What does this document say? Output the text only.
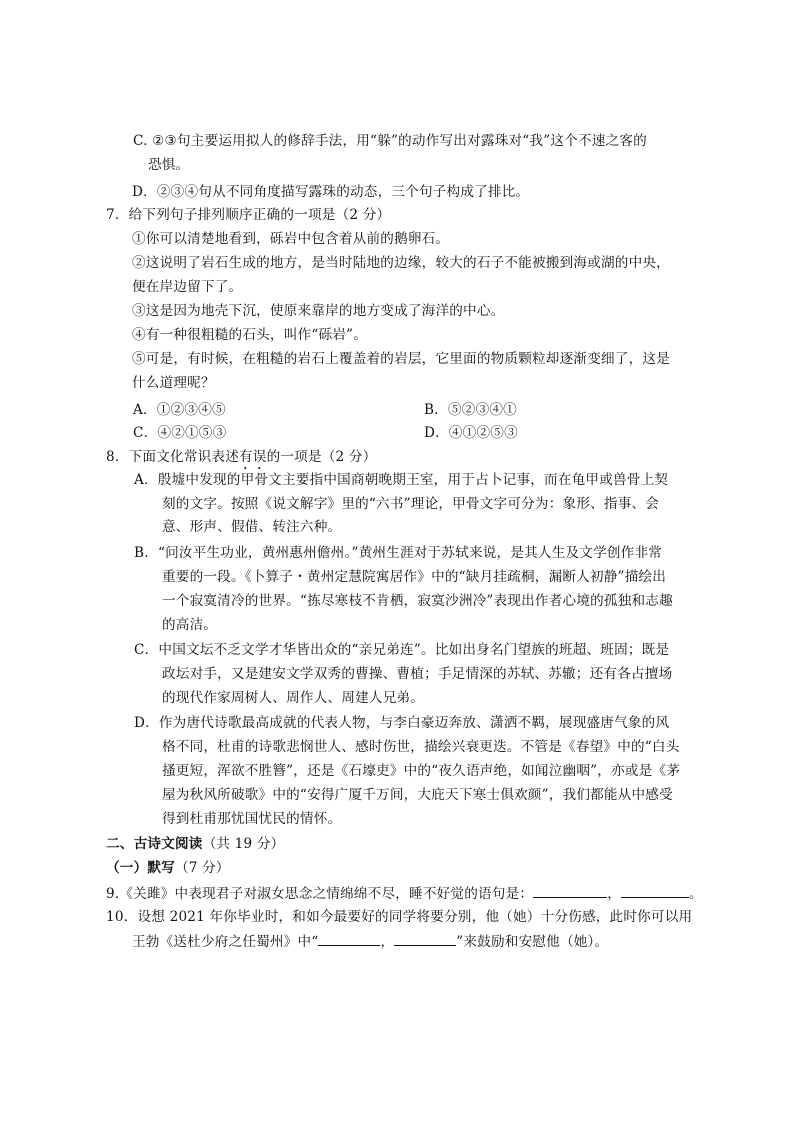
C. ②③句主要运用拟人的修辞手法，用“躲”的动作写出对露珠对“我”这个不速之客的
恐惧。
D．②③④句从不同角度描写露珠的动态，三个句子构成了排比。
7．给下列句子排列顺序正确的一项是（2 分）
①你可以清楚地看到，砾岩中包含着从前的鹅卵石。
②这说明了岩石生成的地方，是当时陆地的边缘，较大的石子不能被搬到海或湖的中央，
便在岸边留下了。
③这是因为地壳下沉，使原来靠岸的地方变成了海洋的中心。
④有一种很粗糙的石头，叫作“砾岩”。
⑤可是，有时候，在粗糙的岩石上覆盖着的岩层，它里面的物质颗粒却逐渐变细了，这是
什么道理呢？
A．①②③④⑤	B．⑤②③④①
C．④②①⑤③	D．④①②⑤③
8．下面文化常识表述有误的一项是（2 分）
A．殷墟中发现的甲骨文主要指中国商朝晚期王室，用于占卜记事，而在龟甲或兽骨上契
刻的文字。按照《说文解字》里的“六书”理论，甲骨文字可分为：象形、指事、会
意、形声、假借、转注六种。
B．“问汝平生功业，黄州惠州儋州。”黄州生涯对于苏轼来说，是其人生及文学创作非常
重要的一段。《卜算子・黄州定慧院寓居作》中的“缺月挂疏桐，漏断人初静”描绘出
一个寂寞清冷的世界。“拣尽寒枝不肯栖，寂寞沙洲冷”表现出作者心境的孤独和志趣
的高洁。
C．中国文坛不乏文学才华皆出众的“亲兄弟连”。比如出身名门望族的班超、班固；既是
政坛对手，又是建安文学双秀的曹操、曹植；手足情深的苏轼、苏辙；还有各占擅场
的现代作家周树人、周作人、周建人兄弟。
D．作为唐代诗歌最高成就的代表人物，与李白豪迈奔放、潇洒不羁，展现盛唐气象的风
格不同，杜甫的诗歌悲悯世人、感时伤世，描绘兴衰更迭。不管是《春望》中的“白头
搔更短，浑欲不胜簪”，还是《石壕吏》中的“夜久语声绝，如闻泣幽咽”，亦或是《茅
屋为秋风所破歌》中的“安得广厦千万间，大庇天下寒士俱欢颜”，我们都能从中感受
得到杜甫那忧国忧民的情怀。
二、古诗文阅读（共 19 分）
（一）默写（7 分）
9.《关雎》中表现君子对淑女思念之情绵绵不尽，睡不好觉的语句是：	，	。
10．设想 2021 年你毕业时，和如今最要好的同学将要分别，他（她）十分伤感，此时你可以用
王勃《送杜少府之任蜀州》中“	，	”来鼓励和安慰他（她）。
